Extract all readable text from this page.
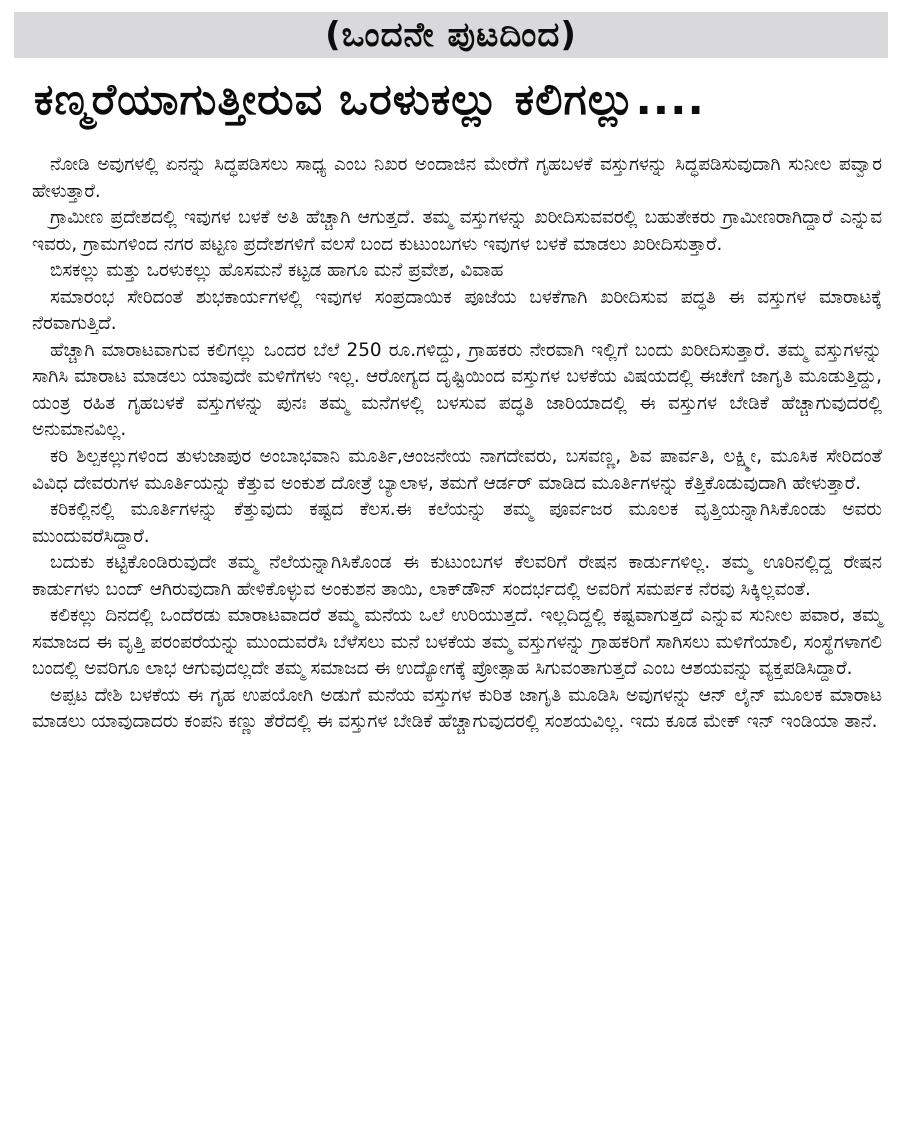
(ಒಂದನೇ ಪುಟದಿಂದ)
ಕಣ್ಮರೆಯಾಗುತ್ತೀರುವ ಒರಳುಕಲ್ಲು ಕಲಿಗಲ್ಲು....

ನೋಡಿ ಅವುಗಳಲ್ಲಿ ಏನನ್ನು ಸಿದ್ಧಪಡಿಸಲು ಸಾಧ್ಯ ಎಂಬ ನಿಖರ ಅಂದಾಜಿನ ಮೇರೆಗೆ ಗೃಹಬಳಕೆ ವಸ್ತುಗಳನ್ನು ಸಿದ್ಧಪಡಿಸುವುದಾಗಿ ಸುನೀಲ ಪವ್ವಾರ ಹೇಳುತ್ತಾರೆ.

ಗ್ರಾಮೀಣ ಪ್ರದೇಶದಲ್ಲಿ ಇವುಗಳ ಬಳಕೆ ಅತಿ ಹೆಚ್ಚಾಗಿ ಆಗುತ್ತದೆ. ತಮ್ಮ ವಸ್ತುಗಳನ್ನು ಖರೀದಿಸುವವರಲ್ಲಿ ಬಹುತೇಕರು ಗ್ರಾಮೀಣರಾಗಿದ್ದಾರೆ ಎನ್ನುವ ಇವರು, ಗ್ರಾಮಗಳಿಂದ ನಗರ ಪಟ್ಟಣ ಪ್ರದೇಶಗಳಿಗೆ ವಲಸೆ ಬಂದ ಕುಟುಂಬಗಳು ಇವುಗಳ ಬಳಕೆ ಮಾಡಲು ಖರೀದಿಸುತ್ತಾರೆ.

ಬಿಸಕಲ್ಲು ಮತ್ತು ಒರಳುಕಲ್ಲು ಹೊಸಮನೆ ಕಟ್ಟಡ ಹಾಗೂ ಮನೆ ಪ್ರವೇಶ, ವಿವಾಹ

ಸಮಾರಂಭ ಸೇರಿದಂತೆ ಶುಭಕಾರ್ಯಗಳಲ್ಲಿ ಇವುಗಳ ಸಂಪ್ರದಾಯಿಕ ಪೂಜೆಯ ಬಳಕೆಗಾಗಿ ಖರೀದಿಸುವ ಪದ್ಧತಿ ಈ ವಸ್ತುಗಳ ಮಾರಾಟಕ್ಕೆ ನೆರವಾಗುತ್ತಿದೆ.

ಹೆಚ್ಚಾಗಿ ಮಾರಾಟವಾಗುವ ಕಲಿಗಲ್ಲು ಒಂದರ ಬೆಲೆ 250 ರೂ.ಗಳಿದ್ದು, ಗ್ರಾಹಕರು ನೇರವಾಗಿ ಇಲ್ಲಿಗೆ ಬಂದು ಖರೀದಿಸುತ್ತಾರೆ. ತಮ್ಮ ವಸ್ತುಗಳನ್ನು ಸಾಗಿಸಿ ಮಾರಾಟ ಮಾಡಲು ಯಾವುದೇ ಮಳಿಗೆಗಳು ಇಲ್ಲ. ಆರೋಗ್ಯದ ದೃಷ್ಟಿಯಿಂದ ವಸ್ತುಗಳ ಬಳಕೆಯ ವಿಷಯದಲ್ಲಿ ಈಚೇಗೆ ಜಾಗೃತಿ ಮೂಡುತ್ತಿದ್ದು, ಯಂತ್ರ ರಹಿತ ಗೃಹಬಳಕೆ ವಸ್ತುಗಳನ್ನು ಪುನಃ ತಮ್ಮ ಮನೆಗಳಲ್ಲಿ ಬಳಸುವ ಪದ್ಧತಿ ಜಾರಿಯಾದಲ್ಲಿ ಈ ವಸ್ತುಗಳ ಬೇಡಿಕೆ ಹೆಚ್ಚಾಗುವುದರಲ್ಲಿ ಅನುಮಾನವಿಲ್ಲ.

ಕರಿ ಶಿಲ್ಪಕಲ್ಲುಗಳಿಂದ ತುಳುಜಾಪುರ ಅಂಬಾಭವಾನಿ ಮೂರ್ತಿ,ಆಂಜನೇಯ ನಾಗದೇವರು, ಬಸವಣ್ಣ, ಶಿವ ಪಾರ್ವತಿ, ಲಕ್ಷ್ಮೀ, ಮೂಸಿಕ ಸೇರಿದಂತೆ ವಿವಿಧ ದೇವರುಗಳ ಮೂರ್ತಿಯನ್ನು ಕೆತ್ತುವ ಅಂಕುಶ ದೋತ್ರೆ ಬ್ಯಾಲಾಳ, ತಮಗೆ ಆರ್ಡರ್ ಮಾಡಿದ ಮೂರ್ತಿಗಳನ್ನು ಕೆತ್ತಿಕೊಡುವುದಾಗಿ ಹೇಳುತ್ತಾರೆ.

ಕರಿಕಲ್ಲಿನಲ್ಲಿ ಮೂರ್ತಿಗಳನ್ನು ಕೆತ್ತುವುದು ಕಷ್ಟದ ಕೆಲಸ.ಈ ಕಲೆಯನ್ನು ತಮ್ಮ ಪೂರ್ವಜರ ಮೂಲಕ ವೃತ್ತಿಯನ್ನಾಗಿಸಿಕೊಂಡು ಅವರು ಮುಂದುವರೆಸಿದ್ದಾರೆ.

ಬದುಕು ಕಟ್ಟಿಕೊಂಡಿರುವುದೇ ತಮ್ಮ ನೆಲೆಯನ್ನಾಗಿಸಿಕೊಂಡ ಈ ಕುಟುಂಬಗಳ ಕೆಲವರಿಗೆ ರೇಷನ ಕಾರ್ಡುಗಳಿಲ್ಲ. ತಮ್ಮ ಊರಿನಲ್ಲಿದ್ದ ರೇಷನ ಕಾರ್ಡುಗಳು ಬಂದ್ ಆಗಿರುವುದಾಗಿ ಹೇಳಿಕೊಳ್ಳುವ ಅಂಕುಶನ ತಾಯಿ, ಲಾಕ್‌ಡೌನ್ ಸಂದರ್ಭದಲ್ಲಿ ಅವರಿಗೆ ಸಮರ್ಪಕ ನೆರವು ಸಿಕ್ಕಿಲ್ಲವಂತೆ.

ಕಲಿಕಲ್ಲು ದಿನದಲ್ಲಿ ಒಂದೆರಡು ಮಾರಾಟವಾದರೆ ತಮ್ಮ ಮನೆಯ ಒಲೆ ಉರಿಯುತ್ತದೆ. ಇಲ್ಲದಿದ್ದಲ್ಲಿ ಕಷ್ಟವಾಗುತ್ತದೆ ಎನ್ನುವ ಸುನೀಲ ಪವಾರ, ತಮ್ಮ ಸಮಾಜದ ಈ ವೃತ್ತಿ ಪರಂಪರೆಯನ್ನು ಮುಂದುವರೆಸಿ ಬೆಳೆಸಲು ಮನೆ ಬಳಕೆಯ ತಮ್ಮ ವಸ್ತುಗಳನ್ನು ಗ್ರಾಹಕರಿಗೆ ಸಾಗಿಸಲು ಮಳಿಗೆಯಾಲಿ, ಸಂಸ್ಥೆಗಳಾಗಲಿ ಬಂದಲ್ಲಿ ಅವರಿಗೂ ಲಾಭ ಆಗುವುದಲ್ಲದೇ ತಮ್ಮ ಸಮಾಜದ ಈ ಉದ್ಯೋಗಕ್ಕೆ ಪ್ರೋತ್ಸಾಹ ಸಿಗುವಂತಾಗುತ್ತದೆ ಎಂಬ ಆಶಯವನ್ನು ವ್ಯಕ್ತಪಡಿಸಿದ್ದಾರೆ.

ಅಪ್ಪಟ ದೇಶಿ ಬಳಕೆಯ ಈ ಗೃಹ ಉಪಯೋಗಿ ಅಡುಗೆ ಮನೆಯ ವಸ್ತುಗಳ ಕುರಿತ ಜಾಗೃತಿ ಮೂಡಿಸಿ ಅವುಗಳನ್ನು ಆನ್ ಲೈನ್ ಮೂಲಕ ಮಾರಾಟ ಮಾಡಲು ಯಾವುದಾದರು ಕಂಪನಿ ಕಣ್ಣು ತೆರೆದಲ್ಲಿ ಈ ವಸ್ತುಗಳ ಬೇಡಿಕೆ ಹೆಚ್ಚಾಗುವುದರಲ್ಲಿ ಸಂಶಯವಿಲ್ಲ. ಇದು ಕೂಡ ಮೇಕ್ ಇನ್ ಇಂಡಿಯಾ ತಾನೆ.
